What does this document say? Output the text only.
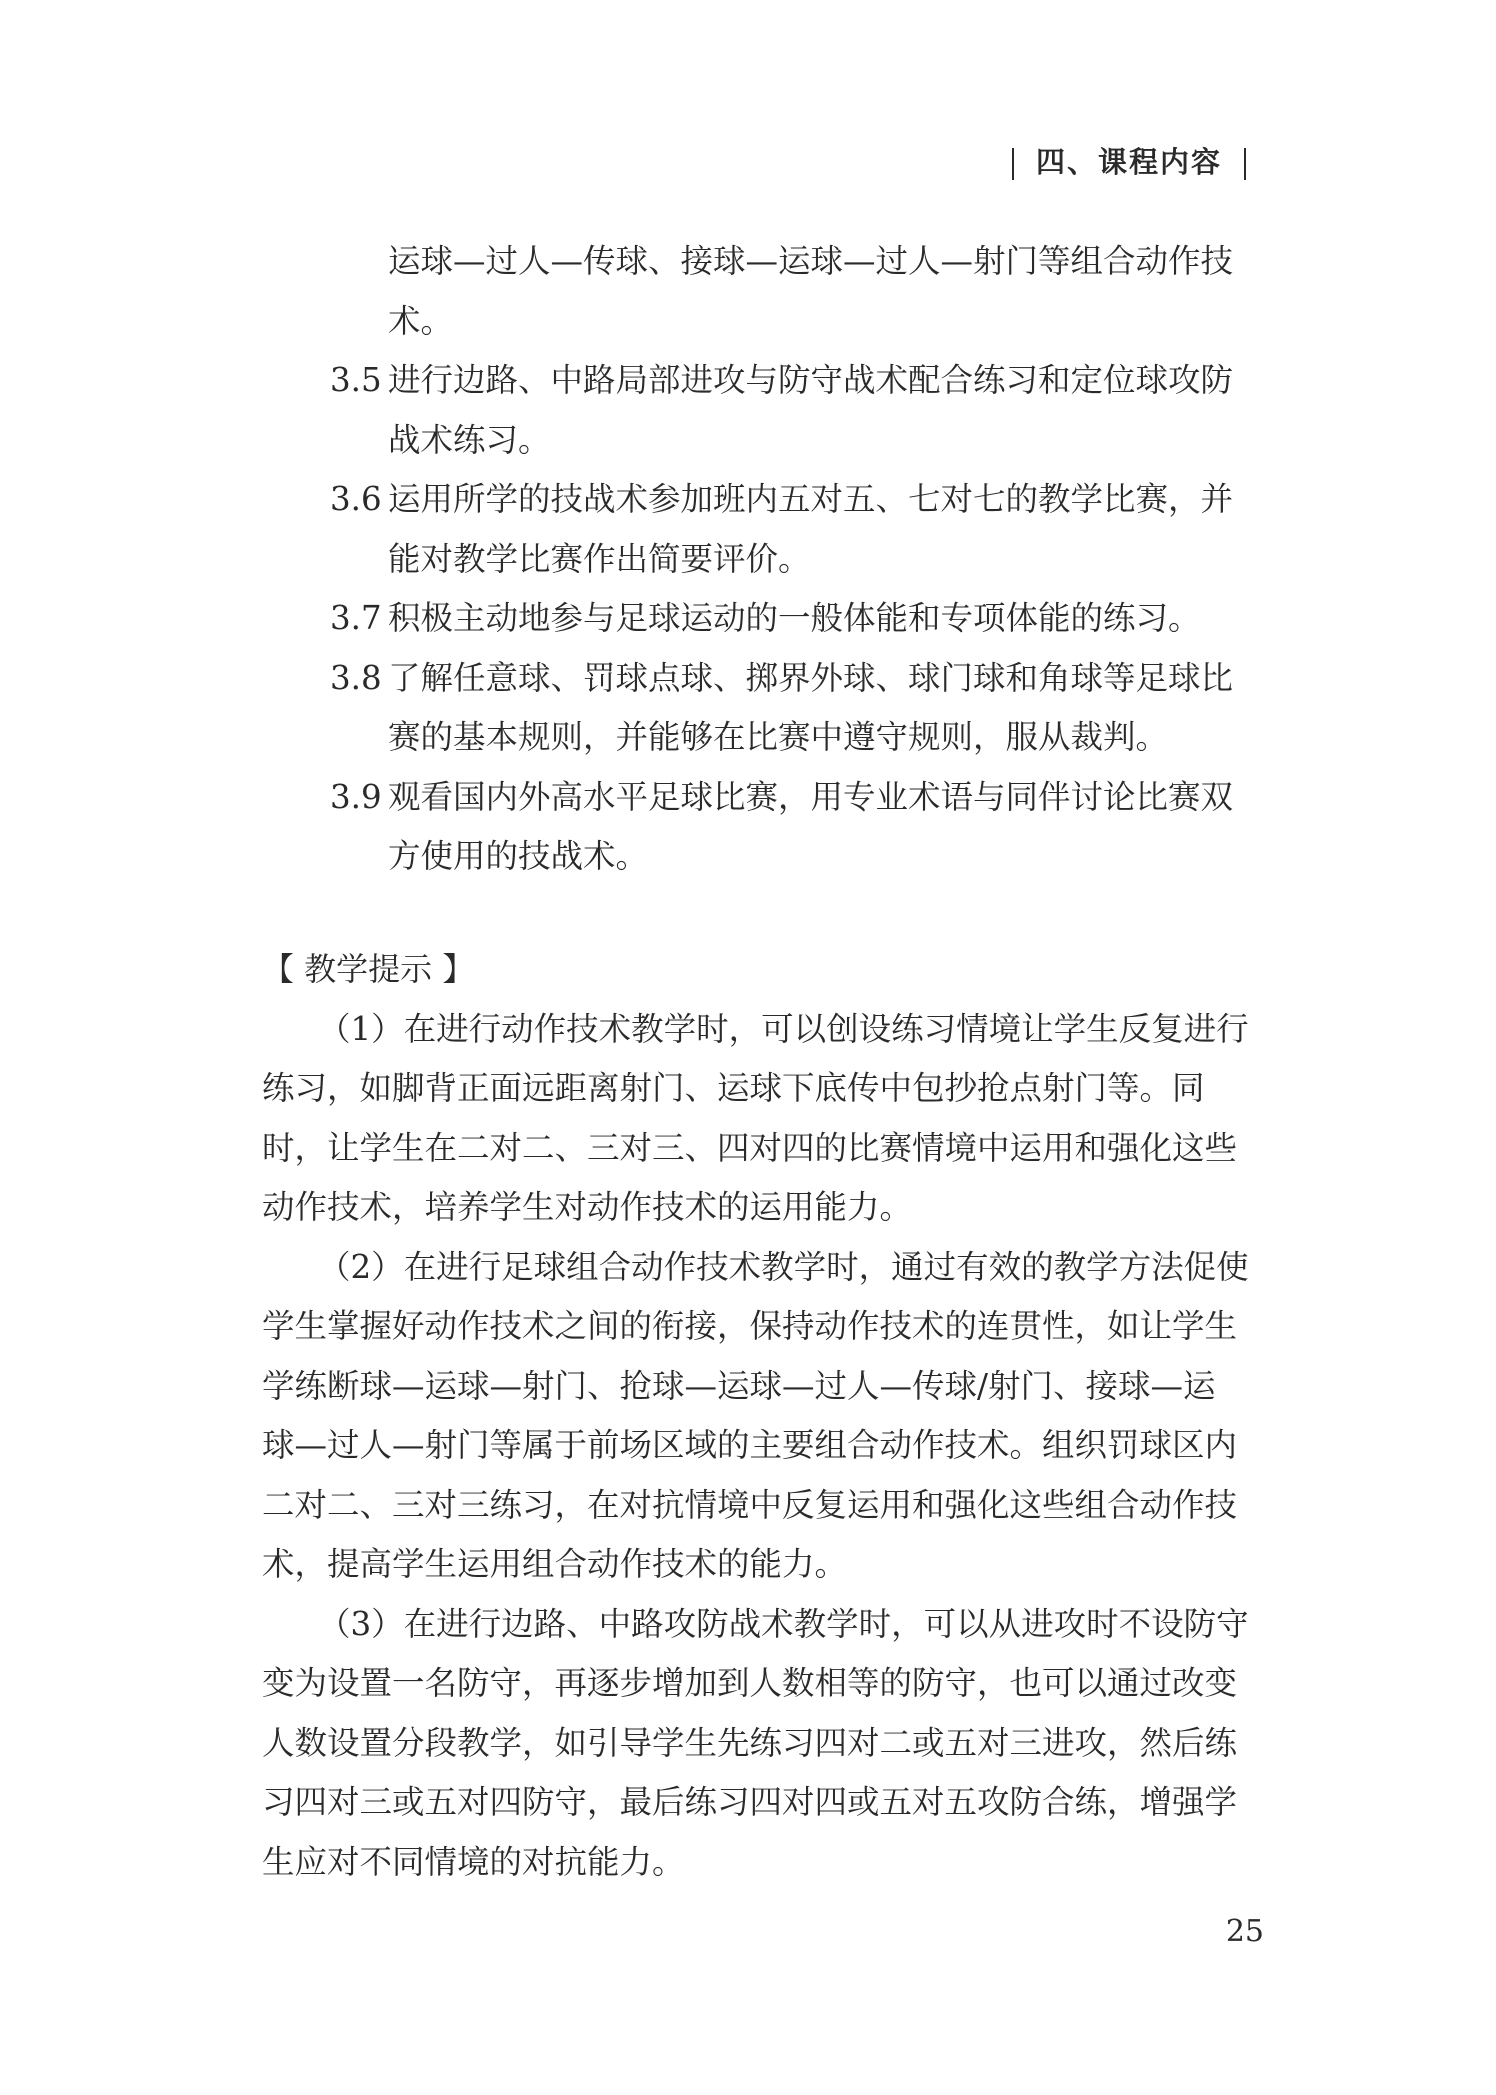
四、课程内容
运球—过人—传球、接球—运球—过人—射门等组合动作技
术。
3.5 进行边路、中路局部进攻与防守战术配合练习和定位球攻防
战术练习。
3.6 运用所学的技战术参加班内五对五、七对七的教学比赛，并
能对教学比赛作出简要评价。
3.7 积极主动地参与足球运动的一般体能和专项体能的练习。
3.8 了解任意球、罚球点球、掷界外球、球门球和角球等足球比
赛的基本规则，并能够在比赛中遵守规则，服从裁判。
3.9 观看国内外高水平足球比赛，用专业术语与同伴讨论比赛双
方使用的技战术。
【 教学提示 】
（1）在进行动作技术教学时，可以创设练习情境让学生反复进行
练习，如脚背正面远距离射门、运球下底传中包抄抢点射门等。同
时，让学生在二对二、三对三、四对四的比赛情境中运用和强化这些
动作技术，培养学生对动作技术的运用能力。
（2）在进行足球组合动作技术教学时，通过有效的教学方法促使
学生掌握好动作技术之间的衔接，保持动作技术的连贯性，如让学生
学练断球—运球—射门、抢球—运球—过人—传球/射门、接球—运
球—过人—射门等属于前场区域的主要组合动作技术。组织罚球区内
二对二、三对三练习，在对抗情境中反复运用和强化这些组合动作技
术，提高学生运用组合动作技术的能力。
（3）在进行边路、中路攻防战术教学时，可以从进攻时不设防守
变为设置一名防守，再逐步增加到人数相等的防守，也可以通过改变
人数设置分段教学，如引导学生先练习四对二或五对三进攻，然后练
习四对三或五对四防守，最后练习四对四或五对五攻防合练，增强学
生应对不同情境的对抗能力。
25
